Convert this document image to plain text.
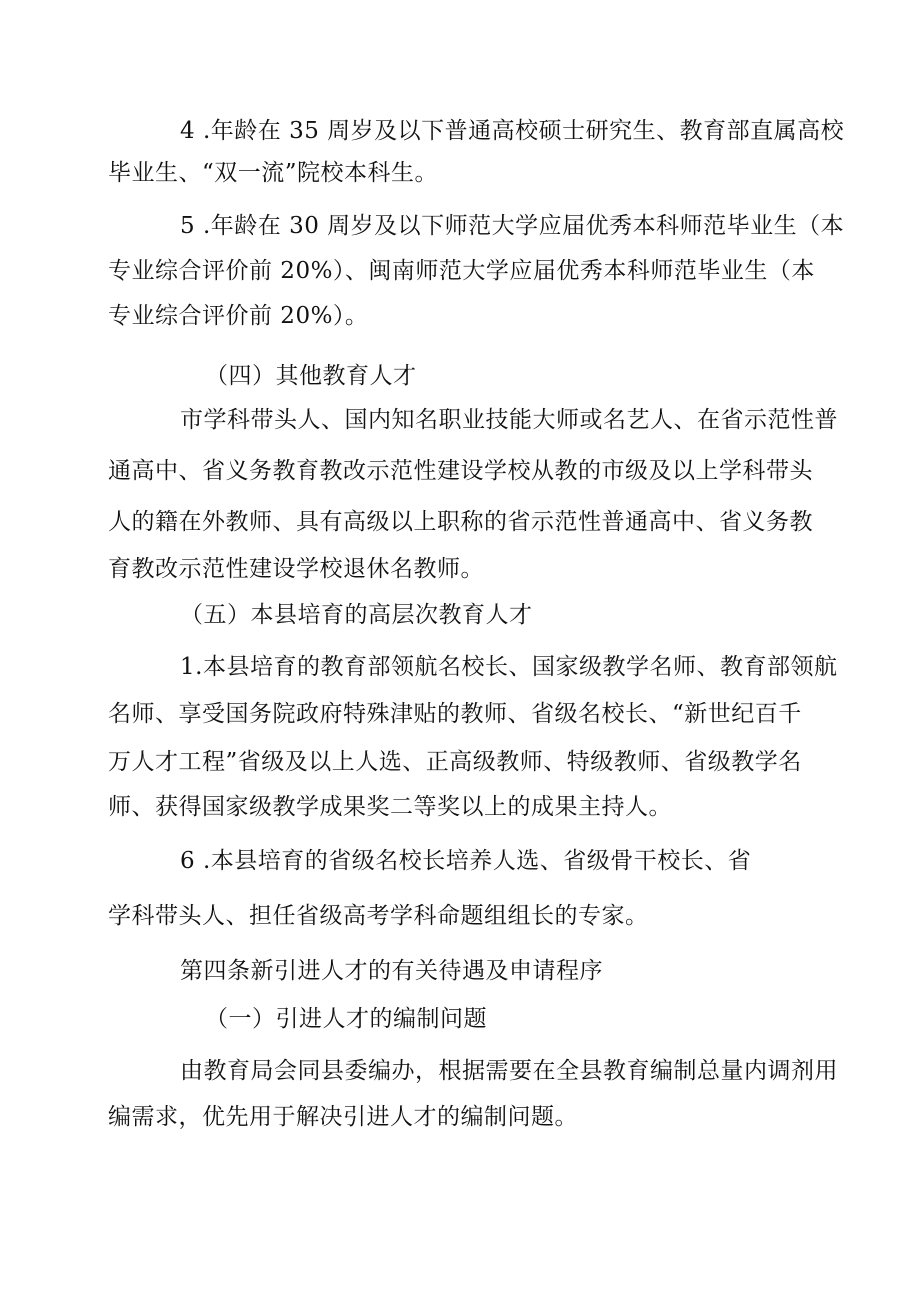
4 .年龄在 35 周岁及以下普通高校硕士研究生、教育部直属高校

毕业生、“双一流”院校本科生。

5 .年龄在 30 周岁及以下师范大学应届优秀本科师范毕业生（本

专业综合评价前 20%）、闽南师范大学应届优秀本科师范毕业生（本

专业综合评价前 20%）。

（四）其他教育人才

市学科带头人、国内知名职业技能大师或名艺人、在省示范性普

通高中、省义务教育教改示范性建设学校从教的市级及以上学科带头

人的籍在外教师、具有高级以上职称的省示范性普通高中、省义务教

育教改示范性建设学校退休名教师。

（五）本县培育的高层次教育人才

1.本县培育的教育部领航名校长、国家级教学名师、教育部领航

名师、享受国务院政府特殊津贴的教师、省级名校长、“新世纪百千

万人才工程”省级及以上人选、正高级教师、特级教师、省级教学名

师、获得国家级教学成果奖二等奖以上的成果主持人。

6 .本县培育的省级名校长培养人选、省级骨干校长、省

学科带头人、担任省级高考学科命题组组长的专家。

第四条新引进人才的有关待遇及申请程序

（一）引进人才的编制问题

由教育局会同县委编办，根据需要在全县教育编制总量内调剂用

编需求，优先用于解决引进人才的编制问题。
